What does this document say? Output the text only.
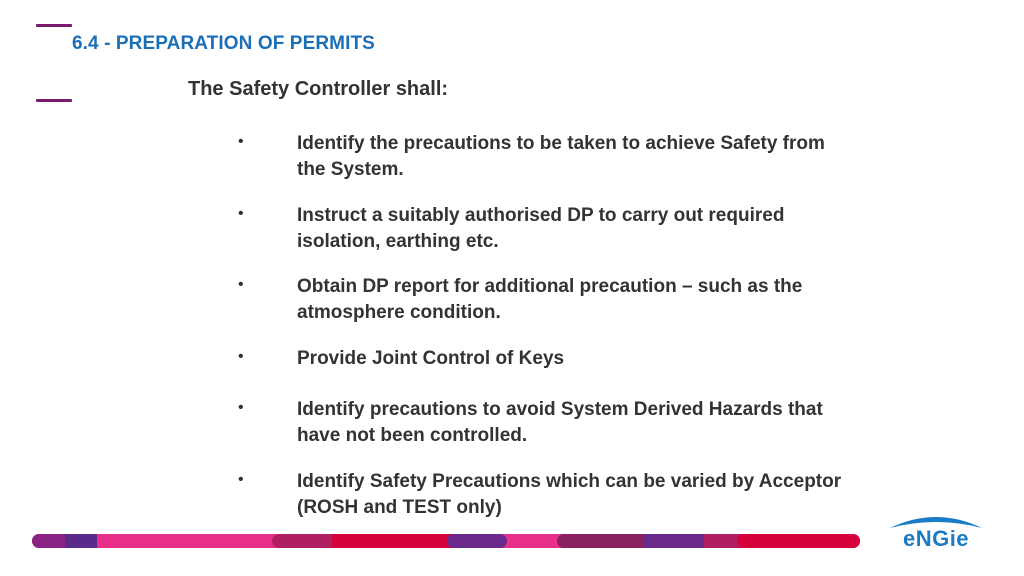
6.4 - PREPARATION OF PERMITS
The Safety Controller shall:
•	Identify the precautions to be taken to achieve Safety from the System.
•	Instruct a suitably authorised DP to carry out required isolation, earthing etc.
•	Obtain DP report for additional precaution – such as the atmosphere condition.
•	Provide Joint Control of Keys
•	Identify precautions to avoid System Derived Hazards that have not been controlled.
•	Identify Safety Precautions which can be varied by Acceptor (ROSH and TEST only)
eNGie
